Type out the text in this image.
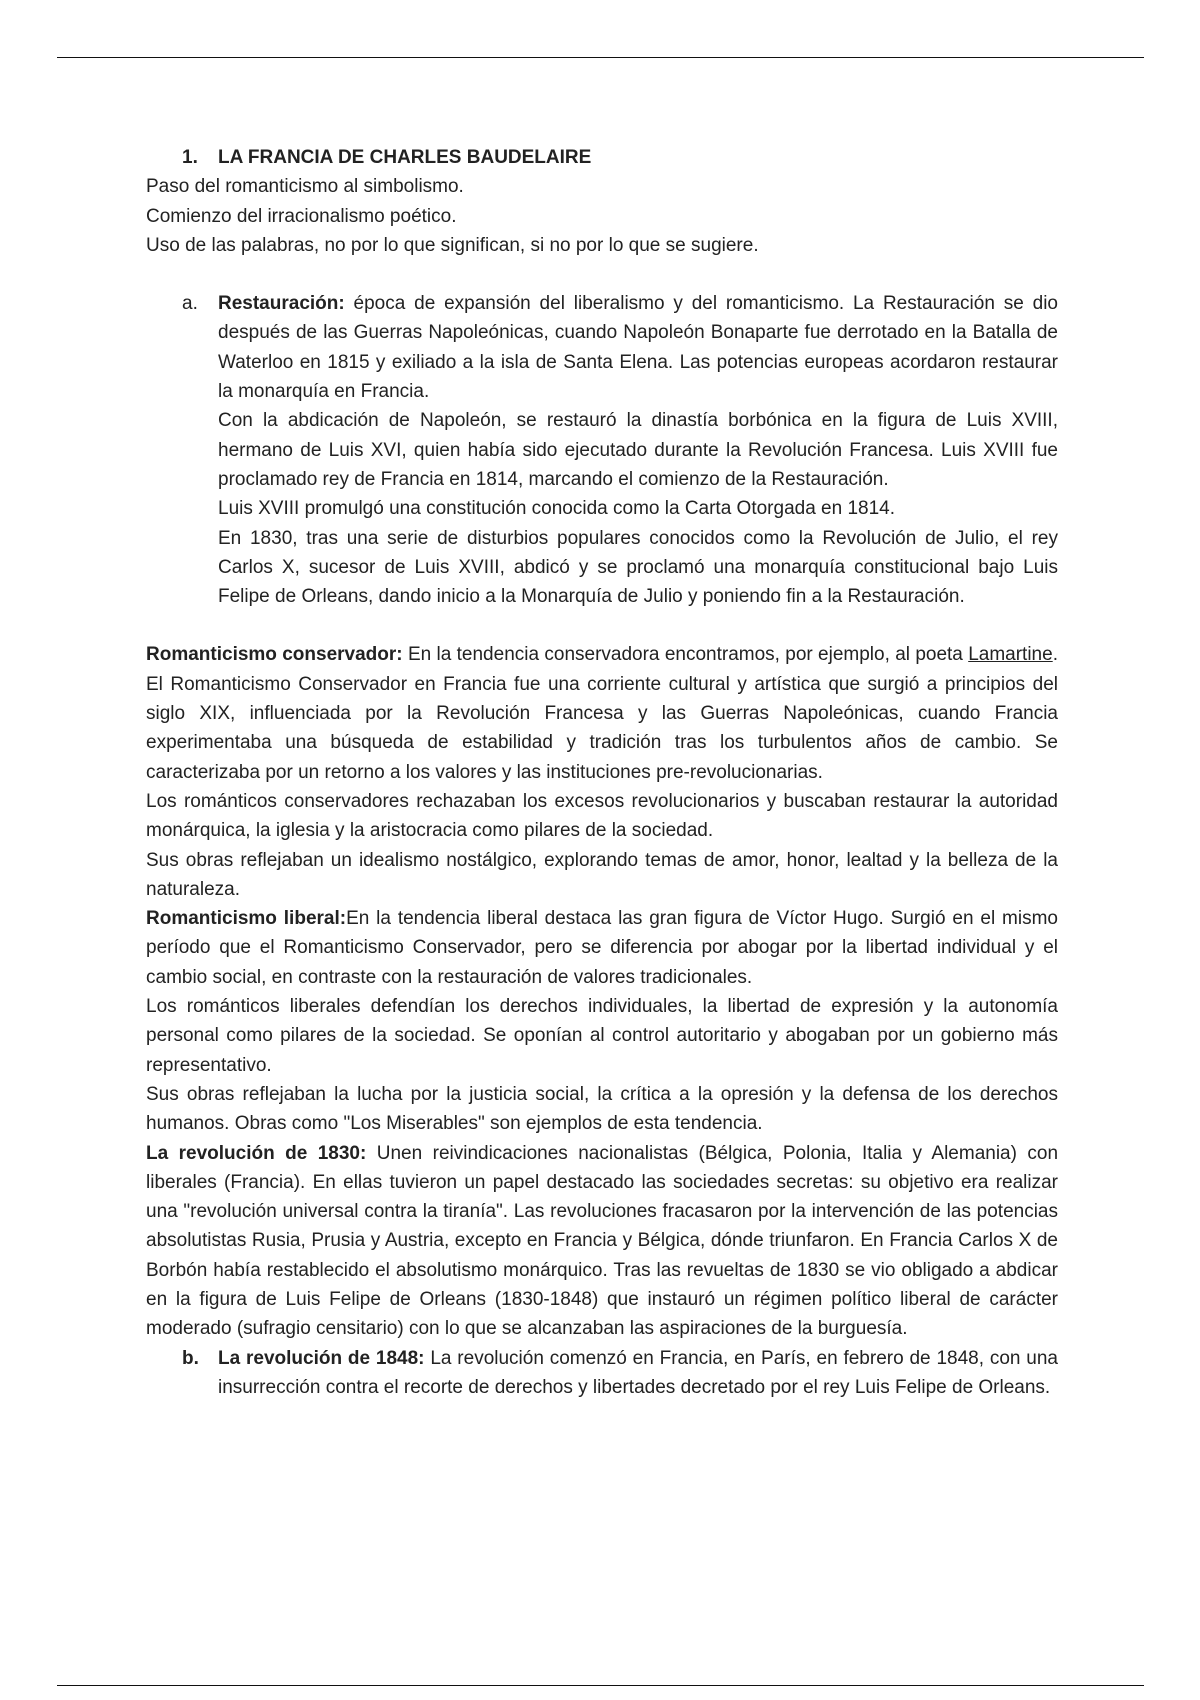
1. LA FRANCIA DE CHARLES BAUDELAIRE

Paso del romanticismo al simbolismo.

Comienzo del irracionalismo poético.

Uso de las palabras, no por lo que significan, si no por lo que se sugiere.

a. Restauración: época de expansión del liberalismo y del romanticismo. La Restauración se dio después de las Guerras Napoleónicas, cuando Napoleón Bonaparte fue derrotado en la Batalla de Waterloo en 1815 y exiliado a la isla de Santa Elena. Las potencias europeas acordaron restaurar la monarquía en Francia.

Con la abdicación de Napoleón, se restauró la dinastía borbónica en la figura de Luis XVIII, hermano de Luis XVI, quien había sido ejecutado durante la Revolución Francesa. Luis XVIII fue proclamado rey de Francia en 1814, marcando el comienzo de la Restauración.

Luis XVIII promulgó una constitución conocida como la Carta Otorgada en 1814.

En 1830, tras una serie de disturbios populares conocidos como la Revolución de Julio, el rey Carlos X, sucesor de Luis XVIII, abdicó y se proclamó una monarquía constitucional bajo Luis Felipe de Orleans, dando inicio a la Monarquía de Julio y poniendo fin a la Restauración.

Romanticismo conservador: En la tendencia conservadora encontramos, por ejemplo, al poeta Lamartine. El Romanticismo Conservador en Francia fue una corriente cultural y artística que surgió a principios del siglo XIX, influenciada por la Revolución Francesa y las Guerras Napoleónicas, cuando Francia experimentaba una búsqueda de estabilidad y tradición tras los turbulentos años de cambio. Se caracterizaba por un retorno a los valores y las instituciones pre-revolucionarias.

Los románticos conservadores rechazaban los excesos revolucionarios y buscaban restaurar la autoridad monárquica, la iglesia y la aristocracia como pilares de la sociedad.

Sus obras reflejaban un idealismo nostálgico, explorando temas de amor, honor, lealtad y la belleza de la naturaleza.

Romanticismo liberal:En la tendencia liberal destaca las gran figura de Víctor Hugo. Surgió en el mismo período que el Romanticismo Conservador, pero se diferencia por abogar por la libertad individual y el cambio social, en contraste con la restauración de valores tradicionales.

Los románticos liberales defendían los derechos individuales, la libertad de expresión y la autonomía personal como pilares de la sociedad. Se oponían al control autoritario y abogaban por un gobierno más representativo.

Sus obras reflejaban la lucha por la justicia social, la crítica a la opresión y la defensa de los derechos humanos. Obras como "Los Miserables" son ejemplos de esta tendencia.

La revolución de 1830: Unen reivindicaciones nacionalistas (Bélgica, Polonia, Italia y Alemania) con liberales (Francia). En ellas tuvieron un papel destacado las sociedades secretas: su objetivo era realizar una "revolución universal contra la tiranía". Las revoluciones fracasaron por la intervención de las potencias absolutistas Rusia, Prusia y Austria, excepto en Francia y Bélgica, dónde triunfaron. En Francia Carlos X de Borbón había restablecido el absolutismo monárquico. Tras las revueltas de 1830 se vio obligado a abdicar en la figura de Luis Felipe de Orleans (1830-1848) que instauró un régimen político liberal de carácter moderado (sufragio censitario) con lo que se alcanzaban las aspiraciones de la burguesía.

b. La revolución de 1848: La revolución comenzó en Francia, en París, en febrero de 1848, con una insurrección contra el recorte de derechos y libertades decretado por el rey Luis Felipe de Orleans.
